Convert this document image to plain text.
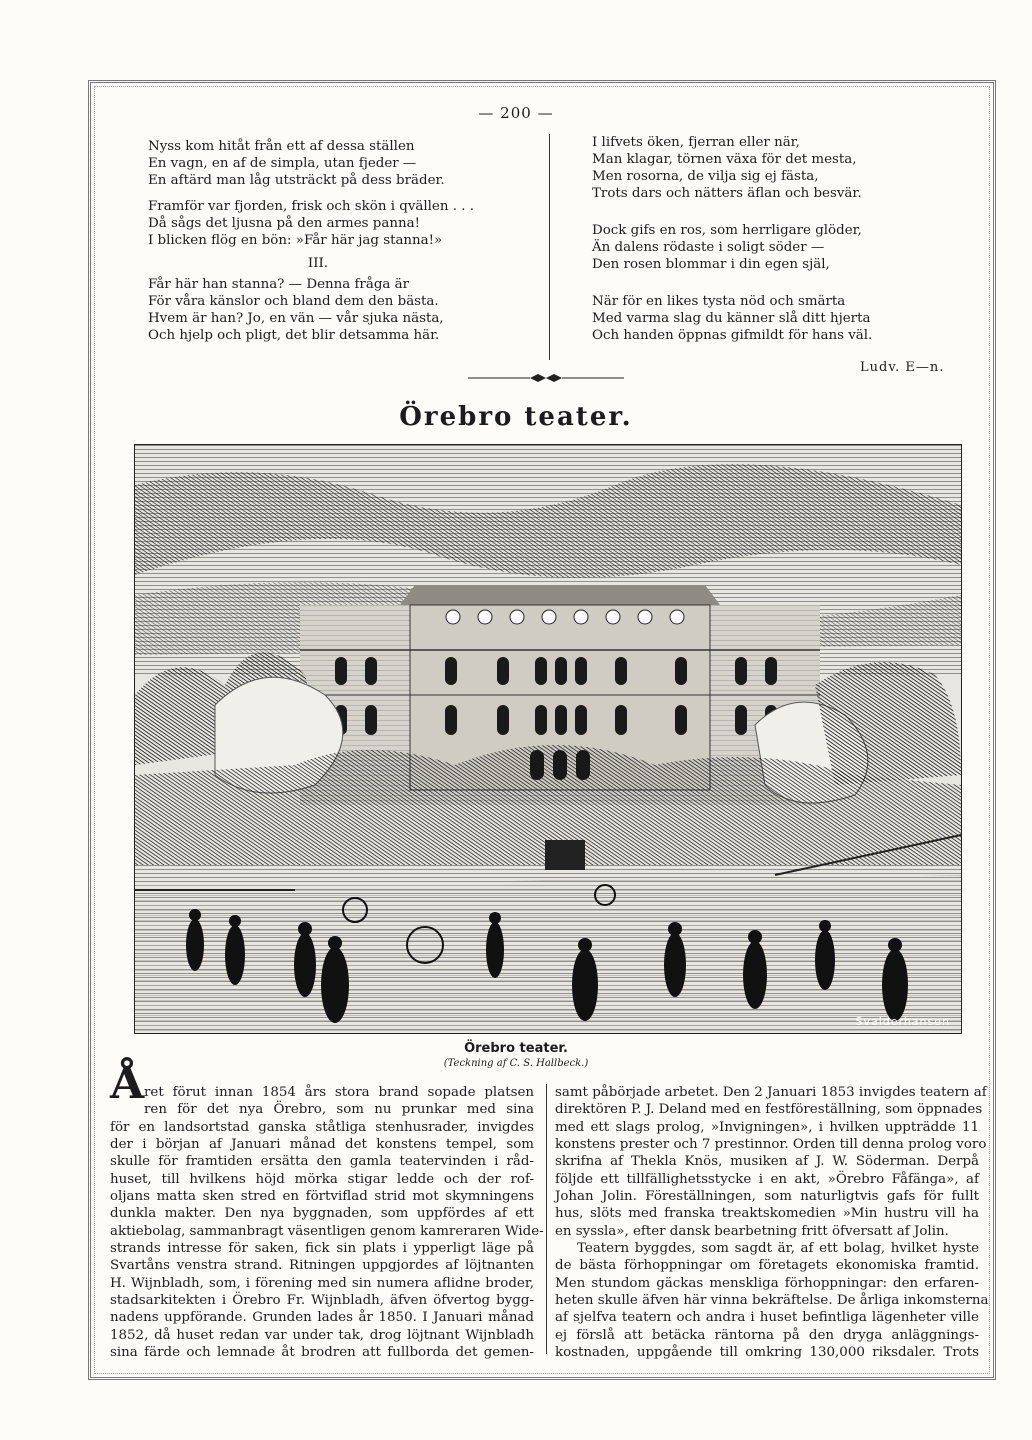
— 200 —
Nyss kom hitåt från ett af dessa ställen
En vagn, en af de simpla, utan fjeder —
En aftärd man låg utsträckt på dess bräder.
Framför var fjorden, frisk och skön i qvällen . . .
Då sågs det ljusna på den armes panna!
I blicken flög en bön: »Får här jag stanna!»
III.
Får här han stanna? — Denna fråga är
För våra känslor och bland dem den bästa.
Hvem är han? Jo, en vän — vår sjuka nästa,
Och hjelp och pligt, det blir detsamma här.
I lifvets öken, fjerran eller när,
Man klagar, törnen växa för det mesta,
Men rosorna, de vilja sig ej fästa,
Trots dars och nätters äflan och besvär.
Dock gifs en ros, som herrligare glöder,
Än dalens rödaste i soligt söder —
Den rosen blommar i din egen själ,
När för en likes tysta nöd och smärta
Med varma slag du känner slå ditt hjerta
Och handen öppnas gifmildt för hans väl.
Ludv. E—n.
Örebro teater.
Svalderhansen
Örebro teater.
(Teckning af C. S. Hallbeck.)
Å ret förut innan 1854 års stora brand sopade platsen
ren för det nya Örebro, som nu prunkar med sina
för en landsortstad ganska ståtliga stenhusrader, invigdes
der i början af Januari månad det konstens tempel, som
skulle för framtiden ersätta den gamla teatervinden i råd-
huset, till hvilkens höjd mörka stigar ledde och der rof-
oljans matta sken stred en förtviflad strid mot skymningens
dunkla makter. Den nya byggnaden, som uppfördes af ett
aktiebolag, sammanbragt väsentligen genom kamreraren Wide-
strands intresse för saken, fick sin plats i ypperligt läge på
Svartåns venstra strand. Ritningen uppgjordes af löjtnanten
H. Wijnbladh, som, i förening med sin numera aflidne broder,
stadsarkitekten i Örebro Fr. Wijnbladh, äfven öfvertog bygg-
nadens uppförande. Grunden lades år 1850. I Januari månad
1852, då huset redan var under tak, drog löjtnant Wijnbladh
sina färde och lemnade åt brodren att fullborda det gemen-
samt påbörjade arbetet. Den 2 Januari 1853 invigdes teatern af
direktören P. J. Deland med en festföreställning, som öppnades
med ett slags prolog, »Invigningen», i hvilken uppträdde 11
konstens prester och 7 prestinnor. Orden till denna prolog voro
skrifna af Thekla Knös, musiken af J. W. Söderman. Derpå
följde ett tillfällighetsstycke i en akt, »Örebro Fåfänga», af
Johan Jolin. Föreställningen, som naturligtvis gafs för fullt
hus, slöts med franska treaktskomedien »Min hustru vill ha
en syssla», efter dansk bearbetning fritt öfversatt af Jolin.
Teatern byggdes, som sagdt är, af ett bolag, hvilket hyste
de bästa förhoppningar om företagets ekonomiska framtid.
Men stundom gäckas menskliga förhoppningar: den erfaren-
heten skulle äfven här vinna bekräftelse. De årliga inkomsterna
af sjelfva teatern och andra i huset befintliga lägenheter ville
ej förslå att betäcka räntorna på den dryga anläggnings-
kostnaden, uppgående till omkring 130,000 riksdaler. Trots
